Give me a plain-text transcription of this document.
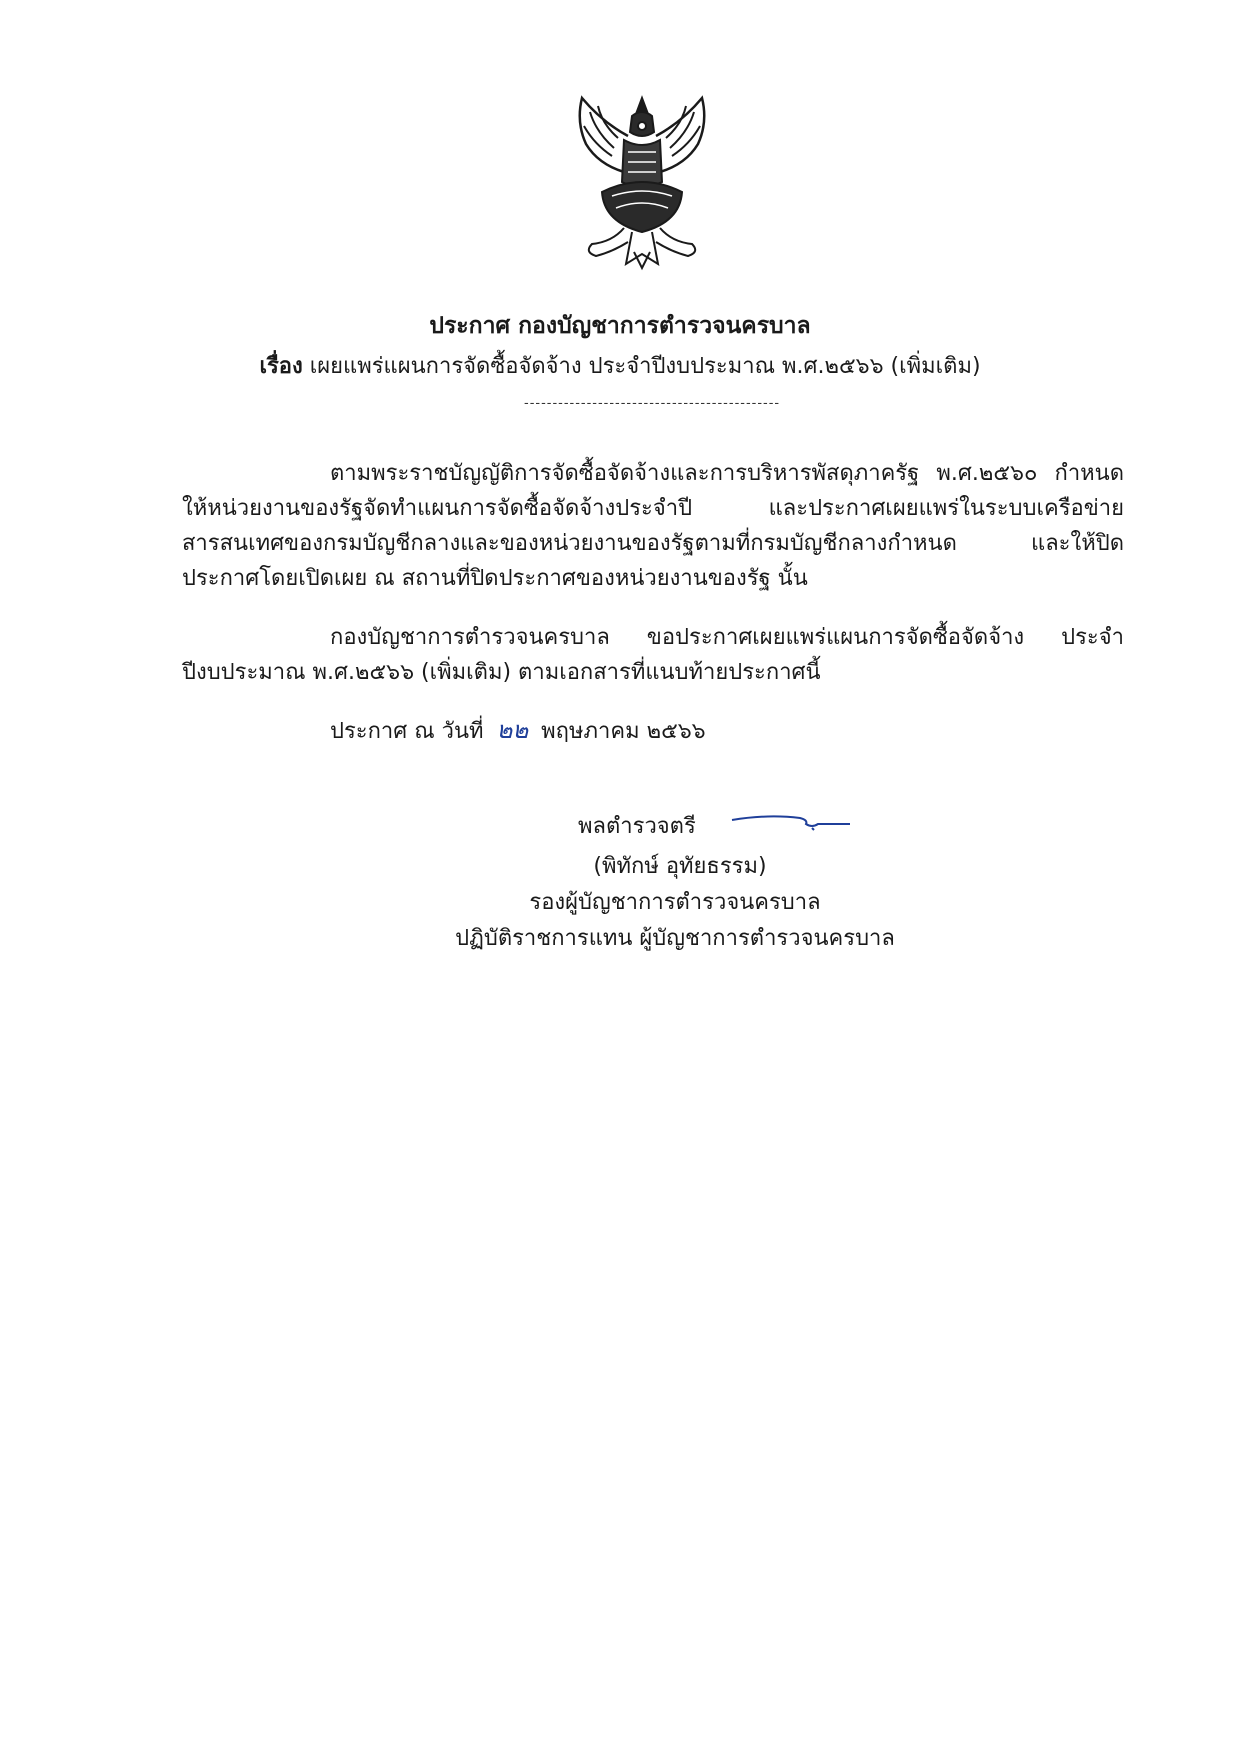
ประกาศ กองบัญชาการตำรวจนครบาล
เรื่อง เผยแพร่แผนการจัดซื้อจัดจ้าง ประจำปีงบประมาณ พ.ศ.๒๕๖๖ (เพิ่มเติม)
---------------------------------------------
ตามพระราชบัญญัติการจัดซื้อจัดจ้างและการบริหารพัสดุภาครัฐ พ.ศ.๒๕๖๐ กำหนดให้หน่วยงานของรัฐจัดทำแผนการจัดซื้อจัดจ้างประจำปี และประกาศเผยแพร่ในระบบเครือข่ายสารสนเทศของกรมบัญชีกลางและของหน่วยงานของรัฐตามที่กรมบัญชีกลางกำหนด และให้ปิดประกาศโดยเปิดเผย ณ สถานที่ปิดประกาศของหน่วยงานของรัฐ นั้น
กองบัญชาการตำรวจนครบาล ขอประกาศเผยแพร่แผนการจัดซื้อจัดจ้าง ประจำปีงบประมาณ พ.ศ.๒๕๖๖ (เพิ่มเติม) ตามเอกสารที่แนบท้ายประกาศนี้
ประกาศ ณ วันที่ ๒๒ พฤษภาคม ๒๕๖๖
พลตำรวจตรี
(พิทักษ์ อุทัยธรรม)
รองผู้บัญชาการตำรวจนครบาล
ปฏิบัติราชการแทน ผู้บัญชาการตำรวจนครบาล
